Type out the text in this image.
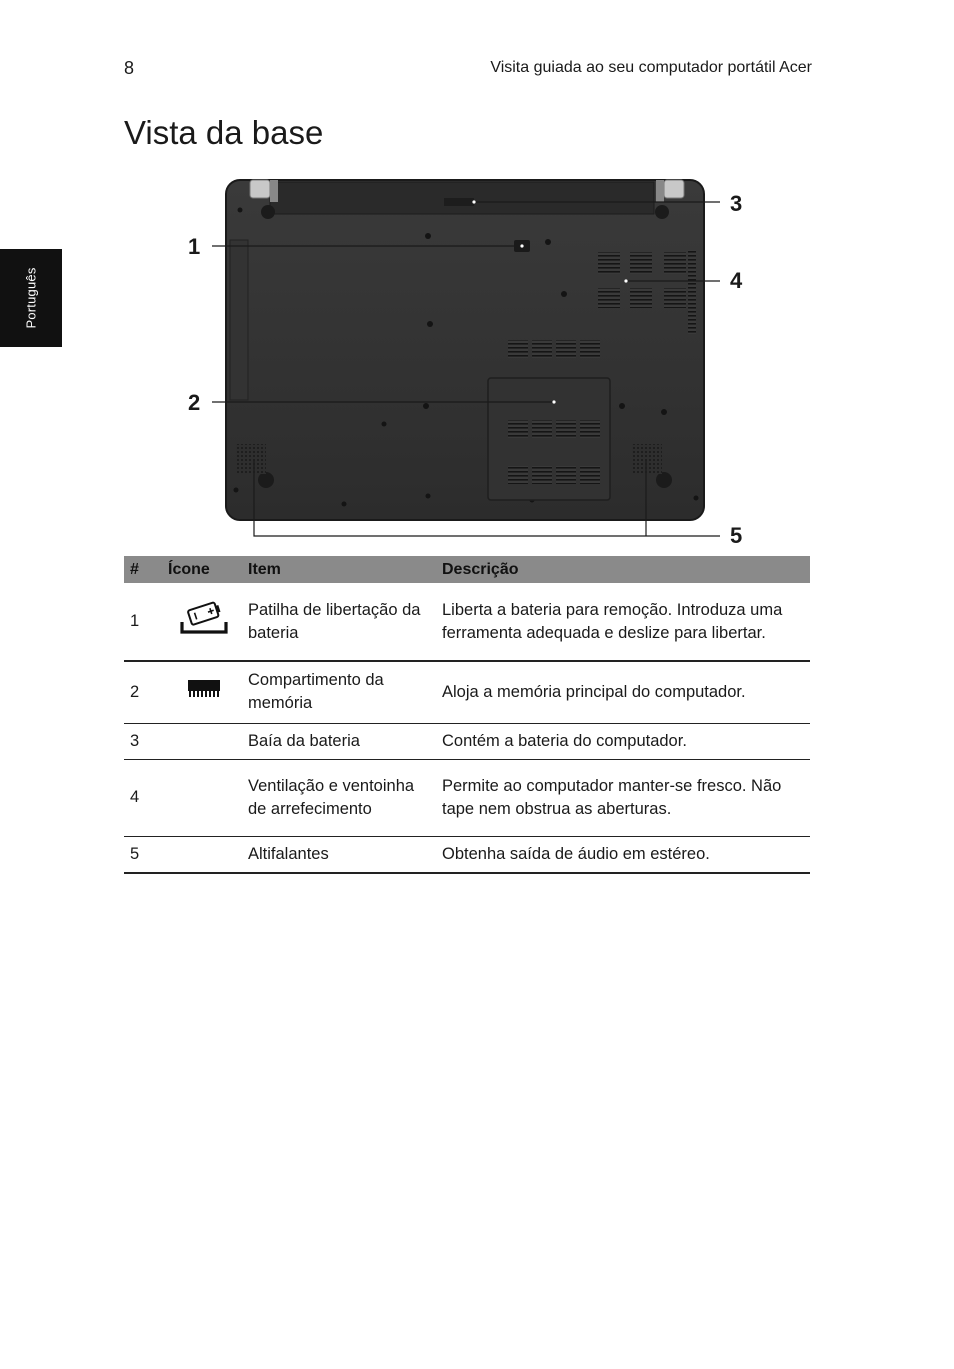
8	Visita guiada ao seu computador portátil Acer
Português
Vista da base
1
2
3
4
5
#	Ícone	Item	Descrição
1		Patilha de libertação da bateria	Liberta a bateria para remoção. Introduza uma ferramenta adequada e deslize para libertar.
2		Compartimento da memória	Aloja a memória principal do computador.
3		Baía da bateria	Contém a bateria do computador.
4		Ventilação e ventoinha de arrefecimento	Permite ao computador manter-se fresco. Não tape nem obstrua as aberturas.
5		Altifalantes	Obtenha saída de áudio em estéreo.
